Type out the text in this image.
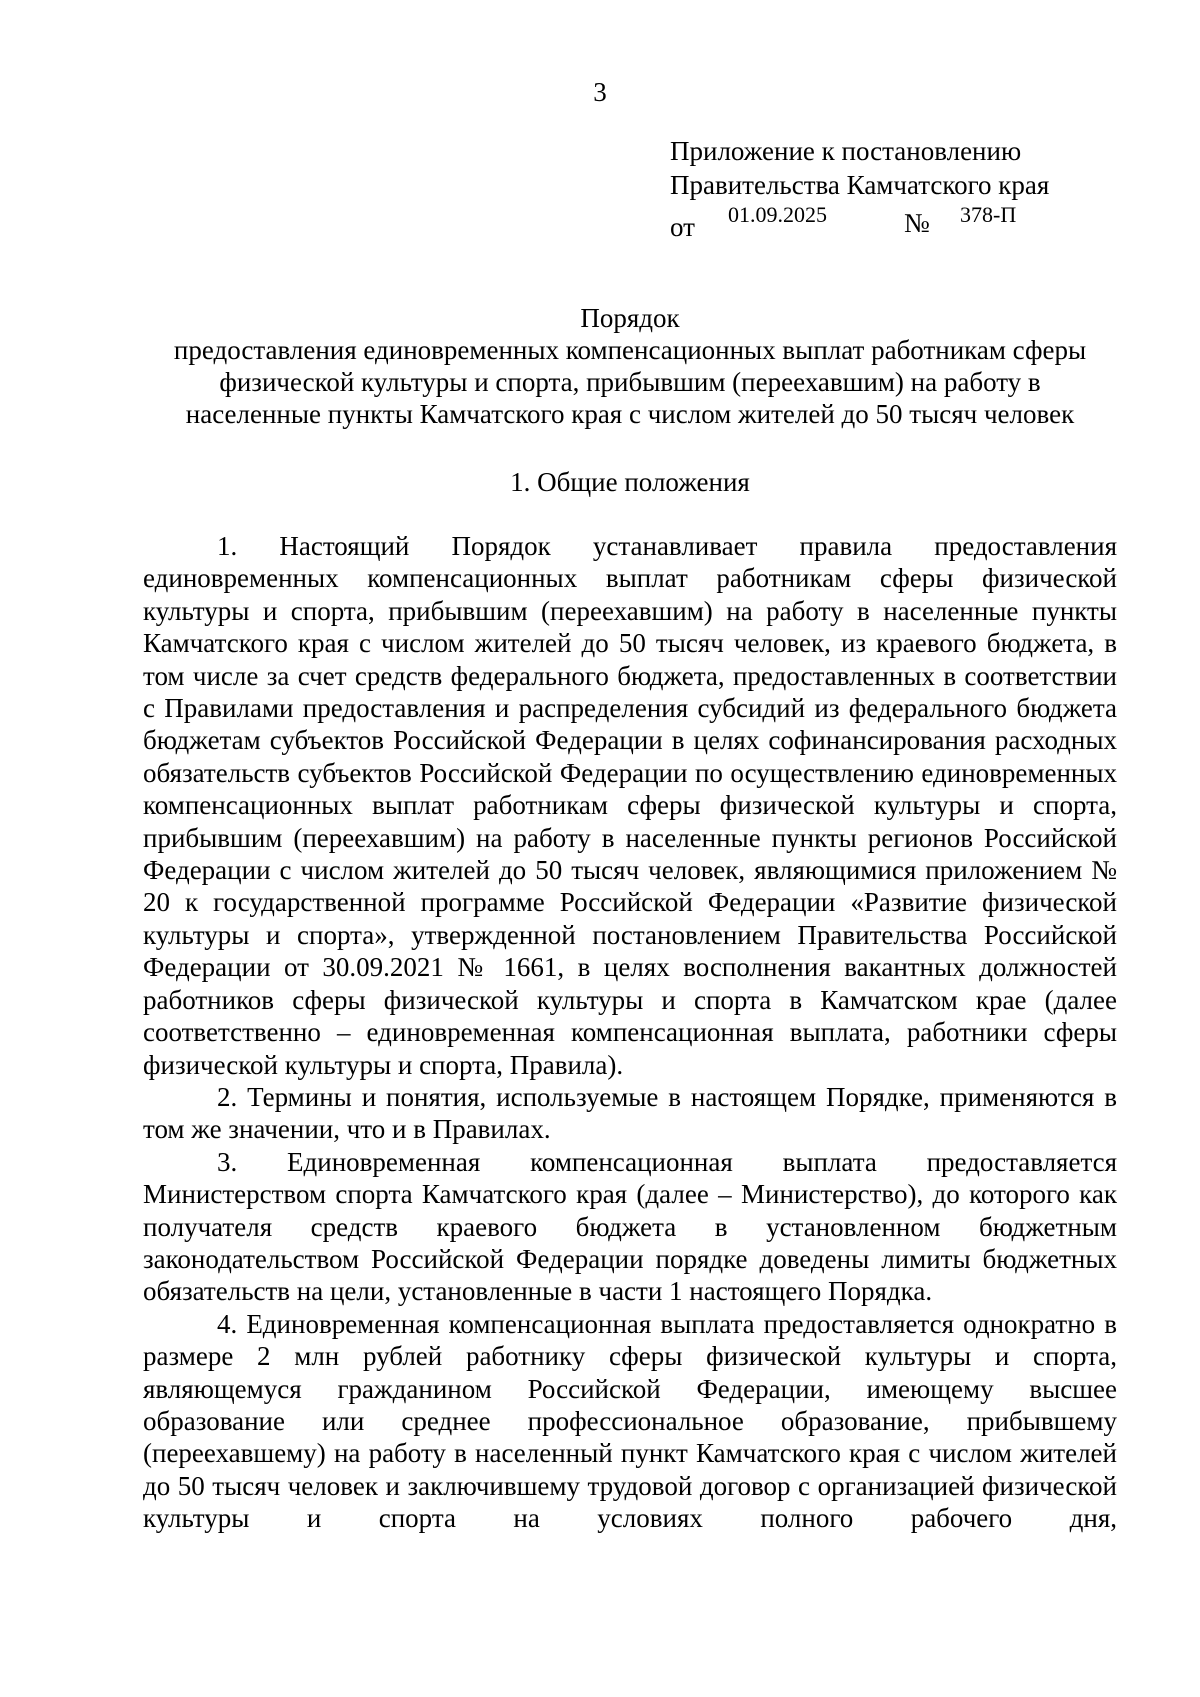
3
Приложение к постановлению
Правительства Камчатского края
от 01.09.2025	№ 378-П
Порядок
предоставления единовременных компенсационных выплат работникам сферы
физической культуры и спорта, прибывшим (переехавшим) на работу в
населенные пункты Камчатского края с числом жителей до 50 тысяч человек
1. Общие положения

1. Настоящий Порядок устанавливает правила предоставления единовременных компенсационных выплат работникам сферы физической культуры и спорта, прибывшим (переехавшим) на работу в населенные пункты Камчатского края с числом жителей до 50 тысяч человек, из краевого бюджета, в том числе за счет средств федерального бюджета, предоставленных в соответствии с Правилами предоставления и распределения субсидий из федерального бюджета бюджетам субъектов Российской Федерации в целях софинансирования расходных обязательств субъектов Российской Федерации по осуществлению единовременных компенсационных выплат работникам сферы физической культуры и спорта, прибывшим (переехавшим) на работу в населенные пункты регионов Российской Федерации с числом жителей до 50 тысяч человек, являющимися приложением № 20 к государственной программе Российской Федерации «Развитие физической культуры и спорта», утвержденной постановлением Правительства Российской Федерации от 30.09.2021 № 1661, в целях восполнения вакантных должностей работников сферы физической культуры и спорта в Камчатском крае (далее соответственно – единовременная компенсационная выплата, работники сферы физической культуры и спорта, Правила).

2. Термины и понятия, используемые в настоящем Порядке, применяются в том же значении, что и в Правилах.

3. Единовременная компенсационная выплата предоставляется Министерством спорта Камчатского края (далее – Министерство), до которого как получателя средств краевого бюджета в установленном бюджетным законодательством Российской Федерации порядке доведены лимиты бюджетных обязательств на цели, установленные в части 1 настоящего Порядка.

4. Единовременная компенсационная выплата предоставляется однократно в размере 2 млн рублей работнику сферы физической культуры и спорта, являющемуся гражданином Российской Федерации, имеющему высшее образование или среднее профессиональное образование, прибывшему (переехавшему) на работу в населенный пункт Камчатского края с числом жителей до 50 тысяч человек и заключившему трудовой договор с организацией физической культуры и спорта на условиях полного рабочего дня,
